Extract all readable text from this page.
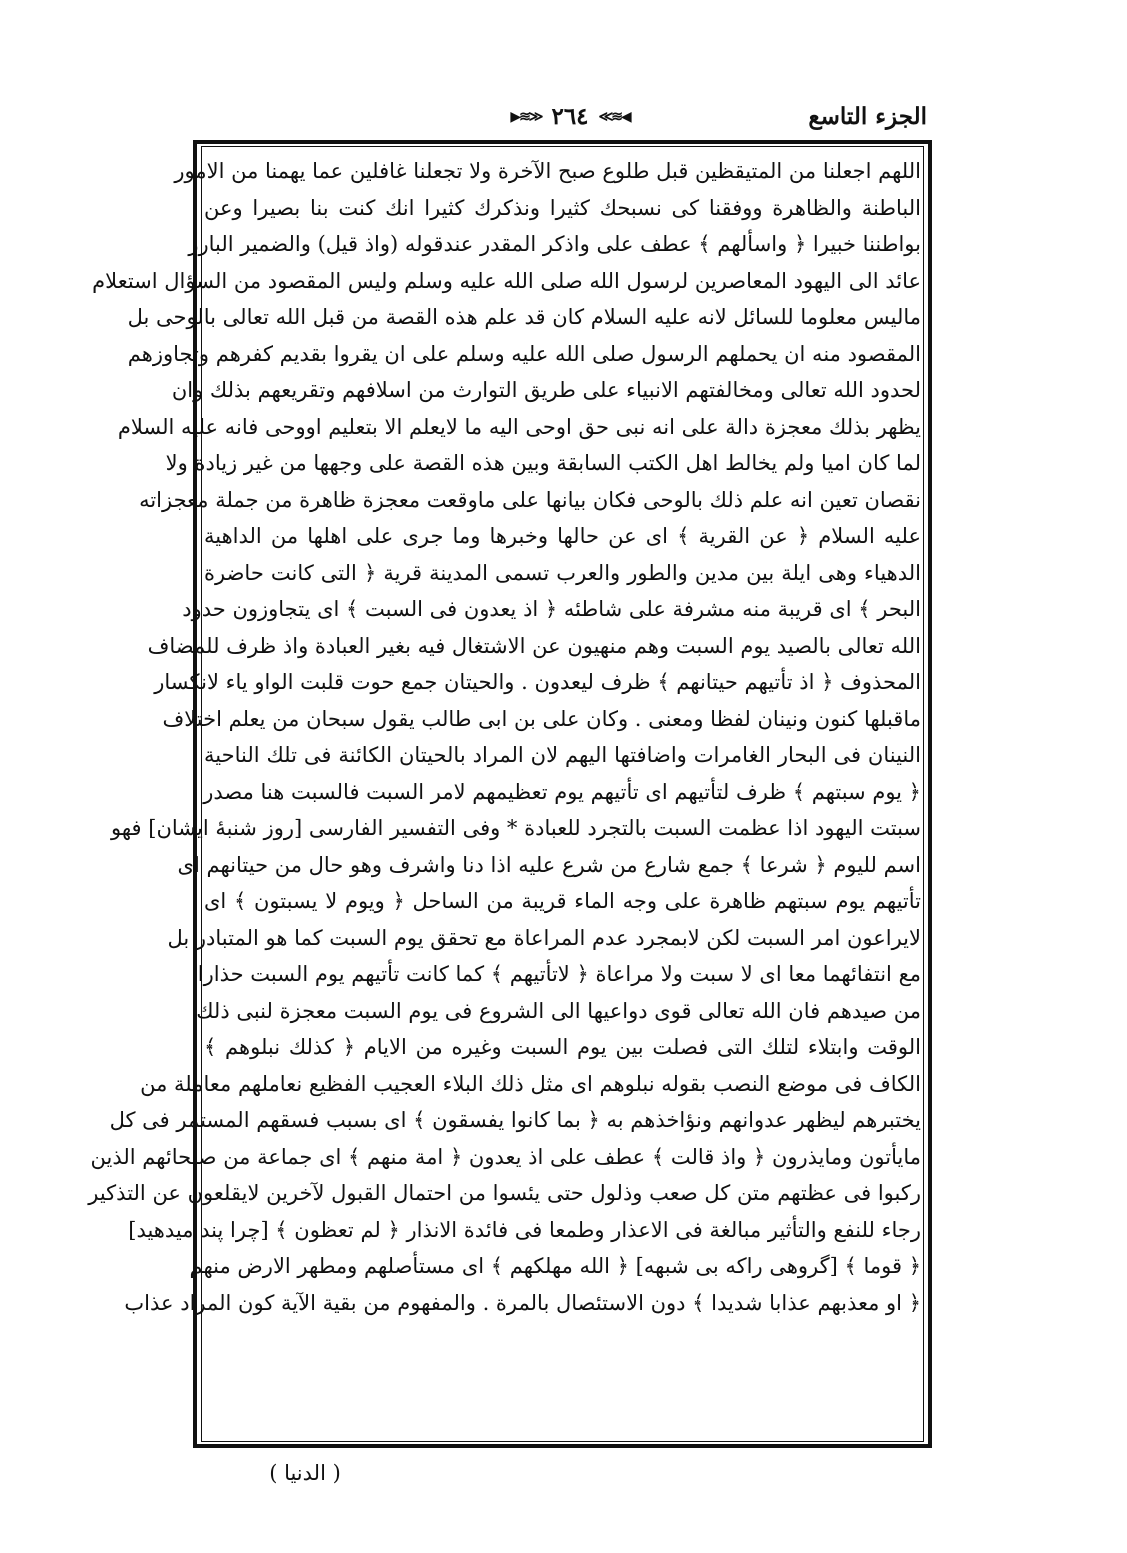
الجزء التاسع
◀≋≫
٢٦٤
≪≋▶
اللهم اجعلنا من المتيقظين قبل طلوع صبح الآخرة ولا تجعلنا غافلين عما يهمنا من الامور
الباطنة والظاهرة ووفقنا كى نسبحك كثيرا ونذكرك كثيرا انك كنت بنا بصيرا وعن
بواطننا خبيرا ﴿ واسألهم ﴾ عطف على واذكر المقدر عندقوله (واذ قيل) والضمير البارز
عائد الى اليهود المعاصرين لرسول الله صلى الله عليه وسلم وليس المقصود من السؤال استعلام
ماليس معلوما للسائل لانه عليه السلام كان قد علم هذه القصة من قبل الله تعالى بالوحى بل
المقصود منه ان يحملهم الرسول صلى الله عليه وسلم على ان يقروا بقديم كفرهم وتجاوزهم
لحدود الله تعالى ومخالفتهم الانبياء على طريق التوارث من اسلافهم وتقريعهم بذلك وان
يظهر بذلك معجزة دالة على انه نبى حق اوحى اليه ما لايعلم الا بتعليم اووحى فانه عليه السلام
لما كان اميا ولم يخالط اهل الكتب السابقة وبين هذه القصة على وجهها من غير زيادة ولا
نقصان تعين انه علم ذلك بالوحى فكان بيانها على ماوقعت معجزة ظاهرة من جملة معجزاته
عليه السلام ﴿ عن القرية ﴾ اى عن حالها وخبرها وما جرى على اهلها من الداهية
الدهياء وهى ايلة بين مدين والطور والعرب تسمى المدينة قرية ﴿ التى كانت حاضرة
البحر ﴾ اى قريبة منه مشرفة على شاطئه ﴿ اذ يعدون فى السبت ﴾ اى يتجاوزون حدود
الله تعالى بالصيد يوم السبت وهم منهيون عن الاشتغال فيه بغير العبادة واذ ظرف للمضاف
المحذوف ﴿ اذ تأتيهم حيتانهم ﴾ ظرف ليعدون . والحيتان جمع حوت قلبت الواو ياء لانكسار
ماقبلها كنون ونينان لفظا ومعنى . وكان على بن ابى طالب يقول سبحان من يعلم اختلاف
النينان فى البحار الغامرات واضافتها اليهم لان المراد بالحيتان الكائنة فى تلك الناحية
﴿ يوم سبتهم ﴾ ظرف لتأتيهم اى تأتيهم يوم تعظيمهم لامر السبت فالسبت هنا مصدر
سبتت اليهود اذا عظمت السبت بالتجرد للعبادة * وفى التفسير الفارسى [روز شنبهٔ ايشان] فهو
اسم لليوم ﴿ شرعا ﴾ جمع شارع من شرع عليه اذا دنا واشرف وهو حال من حيتانهم اى
تأتيهم يوم سبتهم ظاهرة على وجه الماء قريبة من الساحل ﴿ ويوم لا يسبتون ﴾ اى
لايراعون امر السبت لكن لابمجرد عدم المراعاة مع تحقق يوم السبت كما هو المتبادر بل
مع انتفائهما معا اى لا سبت ولا مراعاة ﴿ لاتأتيهم ﴾ كما كانت تأتيهم يوم السبت حذارا
من صيدهم فان الله تعالى قوى دواعيها الى الشروع فى يوم السبت معجزة لنبى ذلك
الوقت وابتلاء لتلك التى فصلت بين يوم السبت وغيره من الايام ﴿ كذلك نبلوهم ﴾
الكاف فى موضع النصب بقوله نبلوهم اى مثل ذلك البلاء العجيب الفظيع نعاملهم معاملة من
يختبرهم ليظهر عدوانهم ونؤاخذهم به ﴿ بما كانوا يفسقون ﴾ اى بسبب فسقهم المستمر فى كل
مايأتون ومايذرون ﴿ واذ قالت ﴾ عطف على اذ يعدون ﴿ امة منهم ﴾ اى جماعة من صلحائهم الذين
ركبوا فى عظتهم متن كل صعب وذلول حتى يئسوا من احتمال القبول لآخرين لايقلعون عن التذكير
رجاء للنفع والتأثير مبالغة فى الاعذار وطمعا فى فائدة الانذار ﴿ لم تعظون ﴾ [چرا پند ميدهيد]
﴿ قوما ﴾ [گروهى راكه بى شبهه] ﴿ الله مهلكهم ﴾ اى مستأصلهم ومطهر الارض منهم
﴿ او معذبهم عذابا شديدا ﴾ دون الاستئصال بالمرة . والمفهوم من بقية الآية كون المراد عذاب
( الدنيا )
